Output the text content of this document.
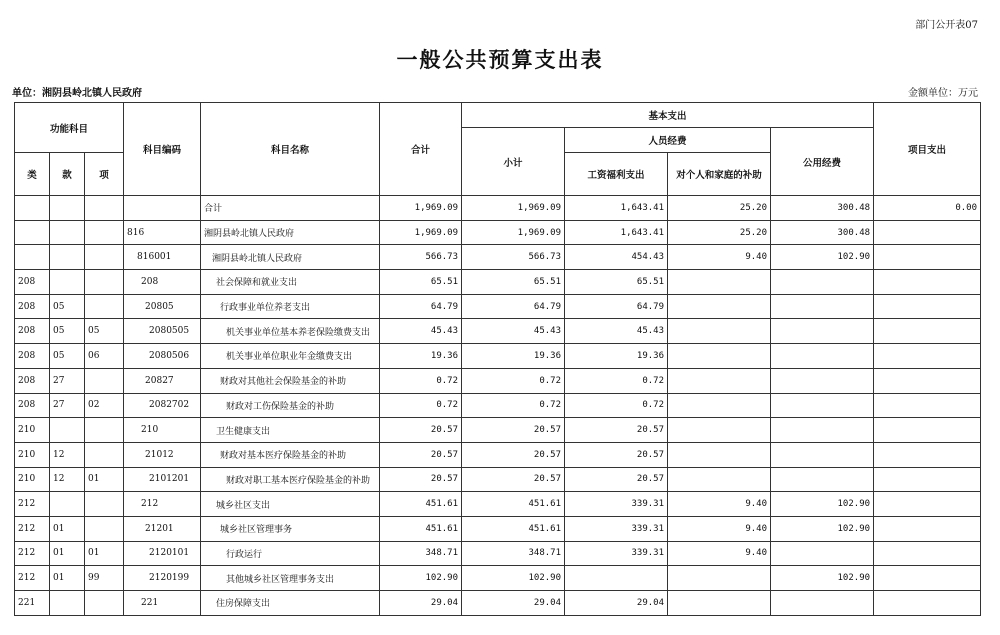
部门公开表07
一般公共预算支出表
单位：湘阴县岭北镇人民政府	金额单位：万元
功能科目			科目编码	科目名称	合计	基本支出				项目支出
						小计	人员经费		公用经费	
类	款	项					工资福利支出	对个人和家庭的补助		

				合计	1,969.09	1,969.09	1,643.41	25.20	300.48	0.00
			816	湘阴县岭北镇人民政府	1,969.09	1,969.09	1,643.41	25.20	300.48	
			816001	湘阴县岭北镇人民政府	566.73	566.73	454.43	9.40	102.90	
208			208	社会保障和就业支出	65.51	65.51	65.51			
208	05		20805	行政事业单位养老支出	64.79	64.79	64.79			
208	05	05	2080505	机关事业单位基本养老保险缴费支出	45.43	45.43	45.43			
208	05	06	2080506	机关事业单位职业年金缴费支出	19.36	19.36	19.36			
208	27		20827	财政对其他社会保险基金的补助	0.72	0.72	0.72			
208	27	02	2082702	财政对工伤保险基金的补助	0.72	0.72	0.72			
210			210	卫生健康支出	20.57	20.57	20.57			
210	12		21012	财政对基本医疗保险基金的补助	20.57	20.57	20.57			
210	12	01	2101201	财政对职工基本医疗保险基金的补助	20.57	20.57	20.57			
212			212	城乡社区支出	451.61	451.61	339.31	9.40	102.90	
212	01		21201	城乡社区管理事务	451.61	451.61	339.31	9.40	102.90	
212	01	01	2120101	行政运行	348.71	348.71	339.31	9.40		
212	01	99	2120199	其他城乡社区管理事务支出	102.90	102.90			102.90	
221			221	住房保障支出	29.04	29.04	29.04			
